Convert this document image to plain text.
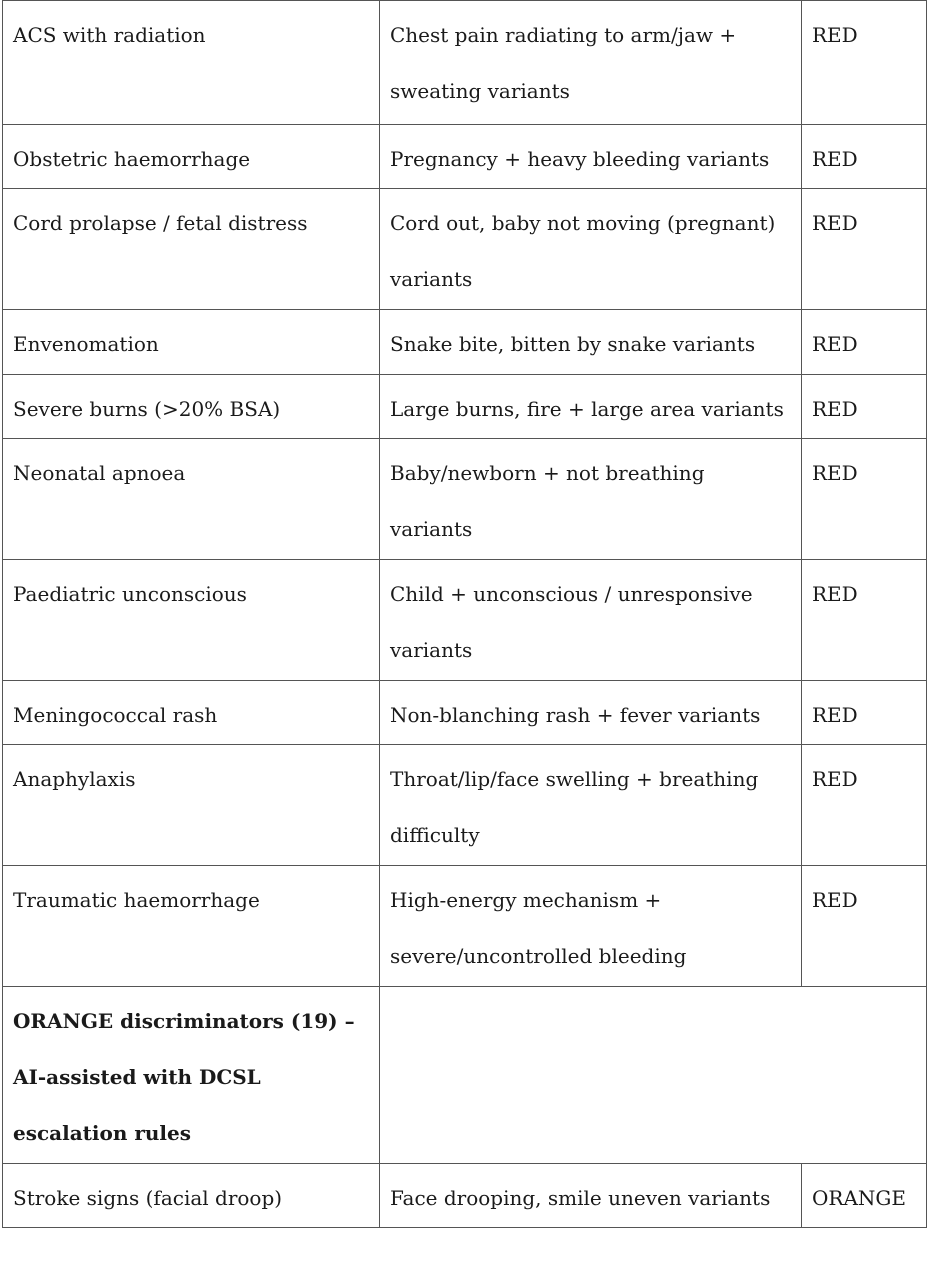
ACS with radiation	Chest pain radiating to arm/jaw + sweating variants	RED
Obstetric haemorrhage	Pregnancy + heavy bleeding variants	RED
Cord prolapse / fetal distress	Cord out, baby not moving (pregnant) variants	RED
Envenomation	Snake bite, bitten by snake variants	RED
Severe burns (>20% BSA)	Large burns, fire + large area variants	RED
Neonatal apnoea	Baby/newborn + not breathing variants	RED
Paediatric unconscious	Child + unconscious / unresponsive variants	RED
Meningococcal rash	Non-blanching rash + fever variants	RED
Anaphylaxis	Throat/lip/face swelling + breathing difficulty	RED
Traumatic haemorrhage	High-energy mechanism + severe/uncontrolled bleeding	RED
ORANGE discriminators (19) – AI-assisted with DCSL escalation rules		
Stroke signs (facial droop)	Face drooping, smile uneven variants	ORANGE
